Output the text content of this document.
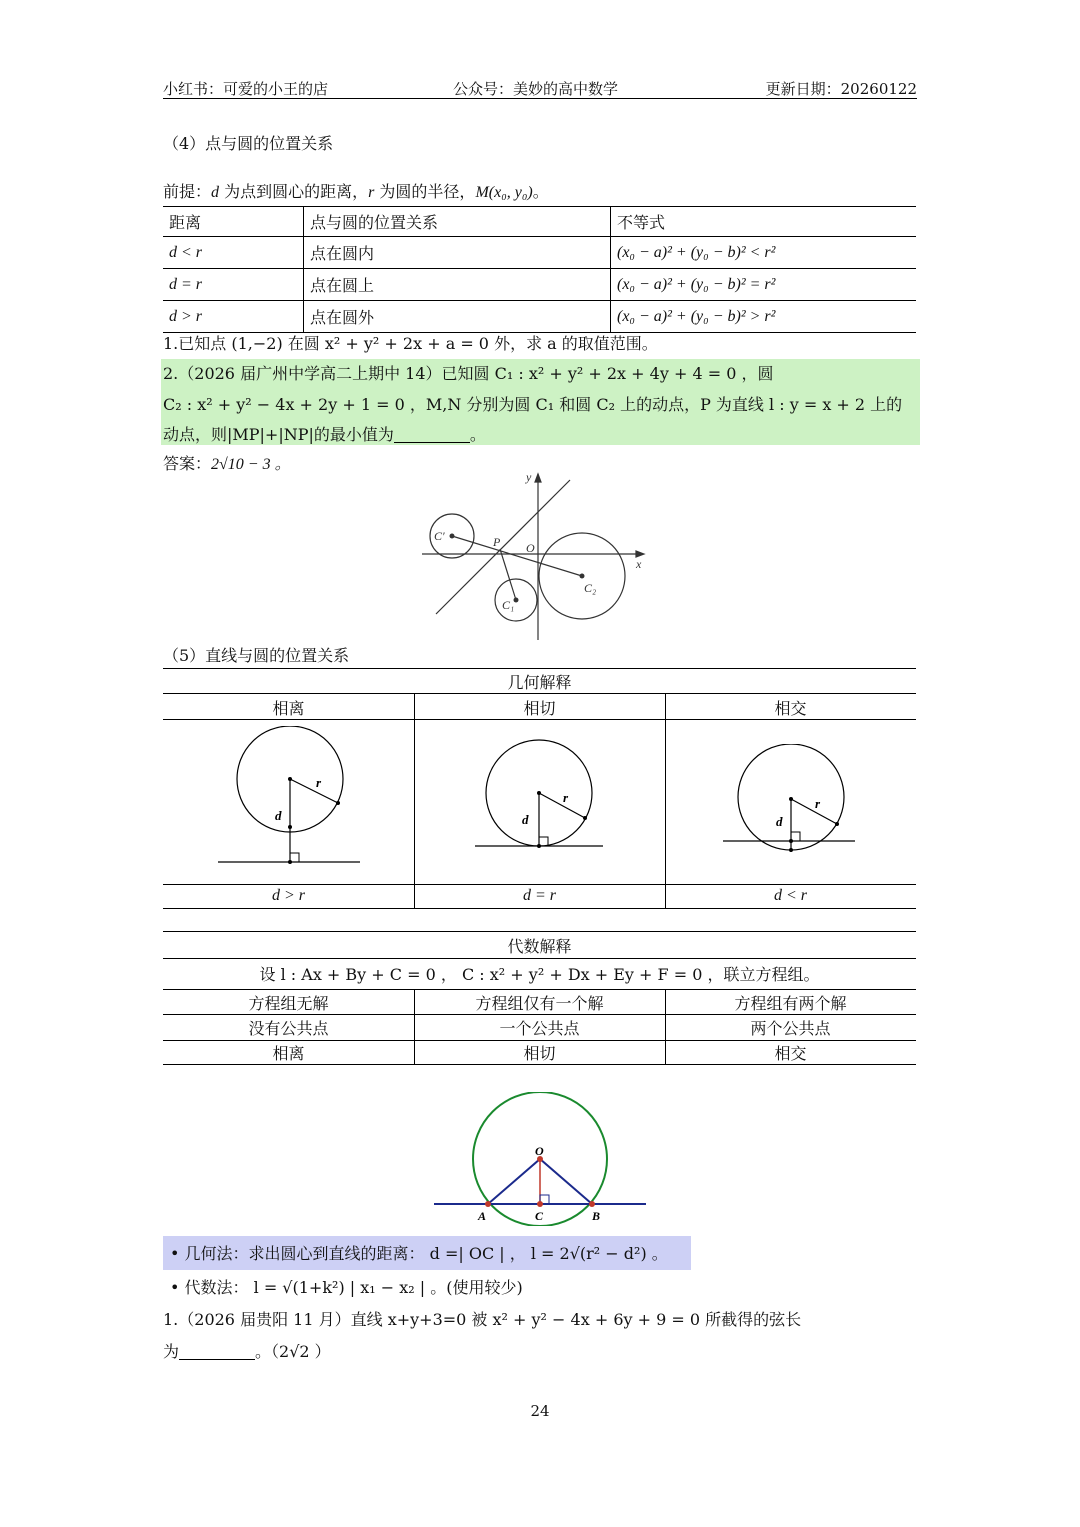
小红书：可爱的小王的店	公众号：美妙的高中数学	更新日期：20260122
（4）点与圆的位置关系
前提：d 为点到圆心的距离，r 为圆的半径，M(x₀, y₀)。
距离	点与圆的位置关系	不等式
d < r	点在圆内	(x₀ − a)² + (y₀ − b)² < r²
d = r	点在圆上	(x₀ − a)² + (y₀ − b)² = r²
d > r	点在圆外	(x₀ − a)² + (y₀ − b)² > r²
1.已知点 (1,−2) 在圆 x² + y² + 2x + a = 0 外，求 a 的取值范围。
2.（2026 届广州中学高二上期中 14）已知圆 C₁ : x² + y² + 2x + 4y + 4 = 0 ，圆
C₂ : x² + y² − 4x + 2y + 1 = 0 ，M,N 分别为圆 C₁ 和圆 C₂ 上的动点，P 为直线 l : y = x + 2 上的
动点，则|MP|+|NP|的最小值为	。
答案：2√10 − 3 。
y
x
O
P
C′
C₁
C₂
（5）直线与圆的位置关系
几何解释
相离	相切	相交
r
d
r
d
r
d
d > r	d = r	d < r
代数解释
设 l : Ax + By + C = 0 ， C : x² + y² + Dx + Ey + F = 0 ，联立方程组。
方程组无解	方程组仅有一个解	方程组有两个解
没有公共点	一个公共点	两个公共点
相离	相切	相交
O
A	C	B
• 几何法：求出圆心到直线的距离： d =| OC | ， l = 2√(r² − d²) 。
• 代数法： l = √(1+k²) | x₁ − x₂ | 。(使用较少)
1.（2026 届贵阳 11 月）直线 x+y+3=0 被 x² + y² − 4x + 6y + 9 = 0 所截得的弦长
为	。（2√2 ）
24
